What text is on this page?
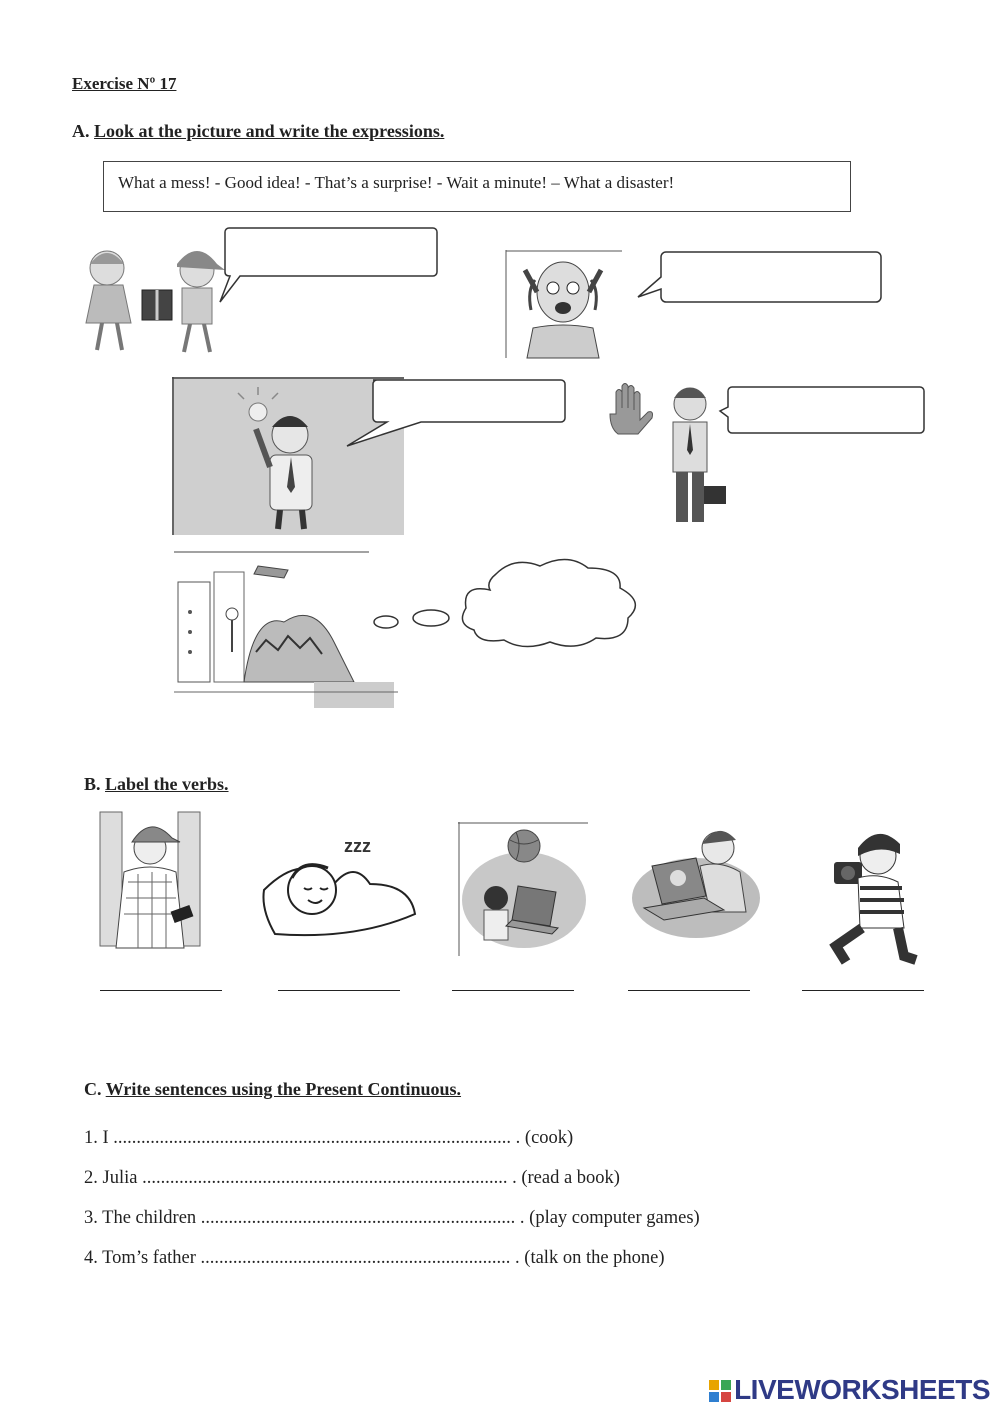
Exercise Nº 17
A. Look at the picture and write the expressions.
What a mess! - Good idea! - That’s a surprise! - Wait a minute! – What a disaster!
B. Label the verbs.
zzz
C. Write sentences using the Present Continuous.
1. I ...................................................................................... . (cook)
2. Julia ............................................................................... . (read a book)
3. The children .................................................................... . (play computer games)
4. Tom’s father ................................................................... . (talk on the phone)
LIVEWORKSHEETS
